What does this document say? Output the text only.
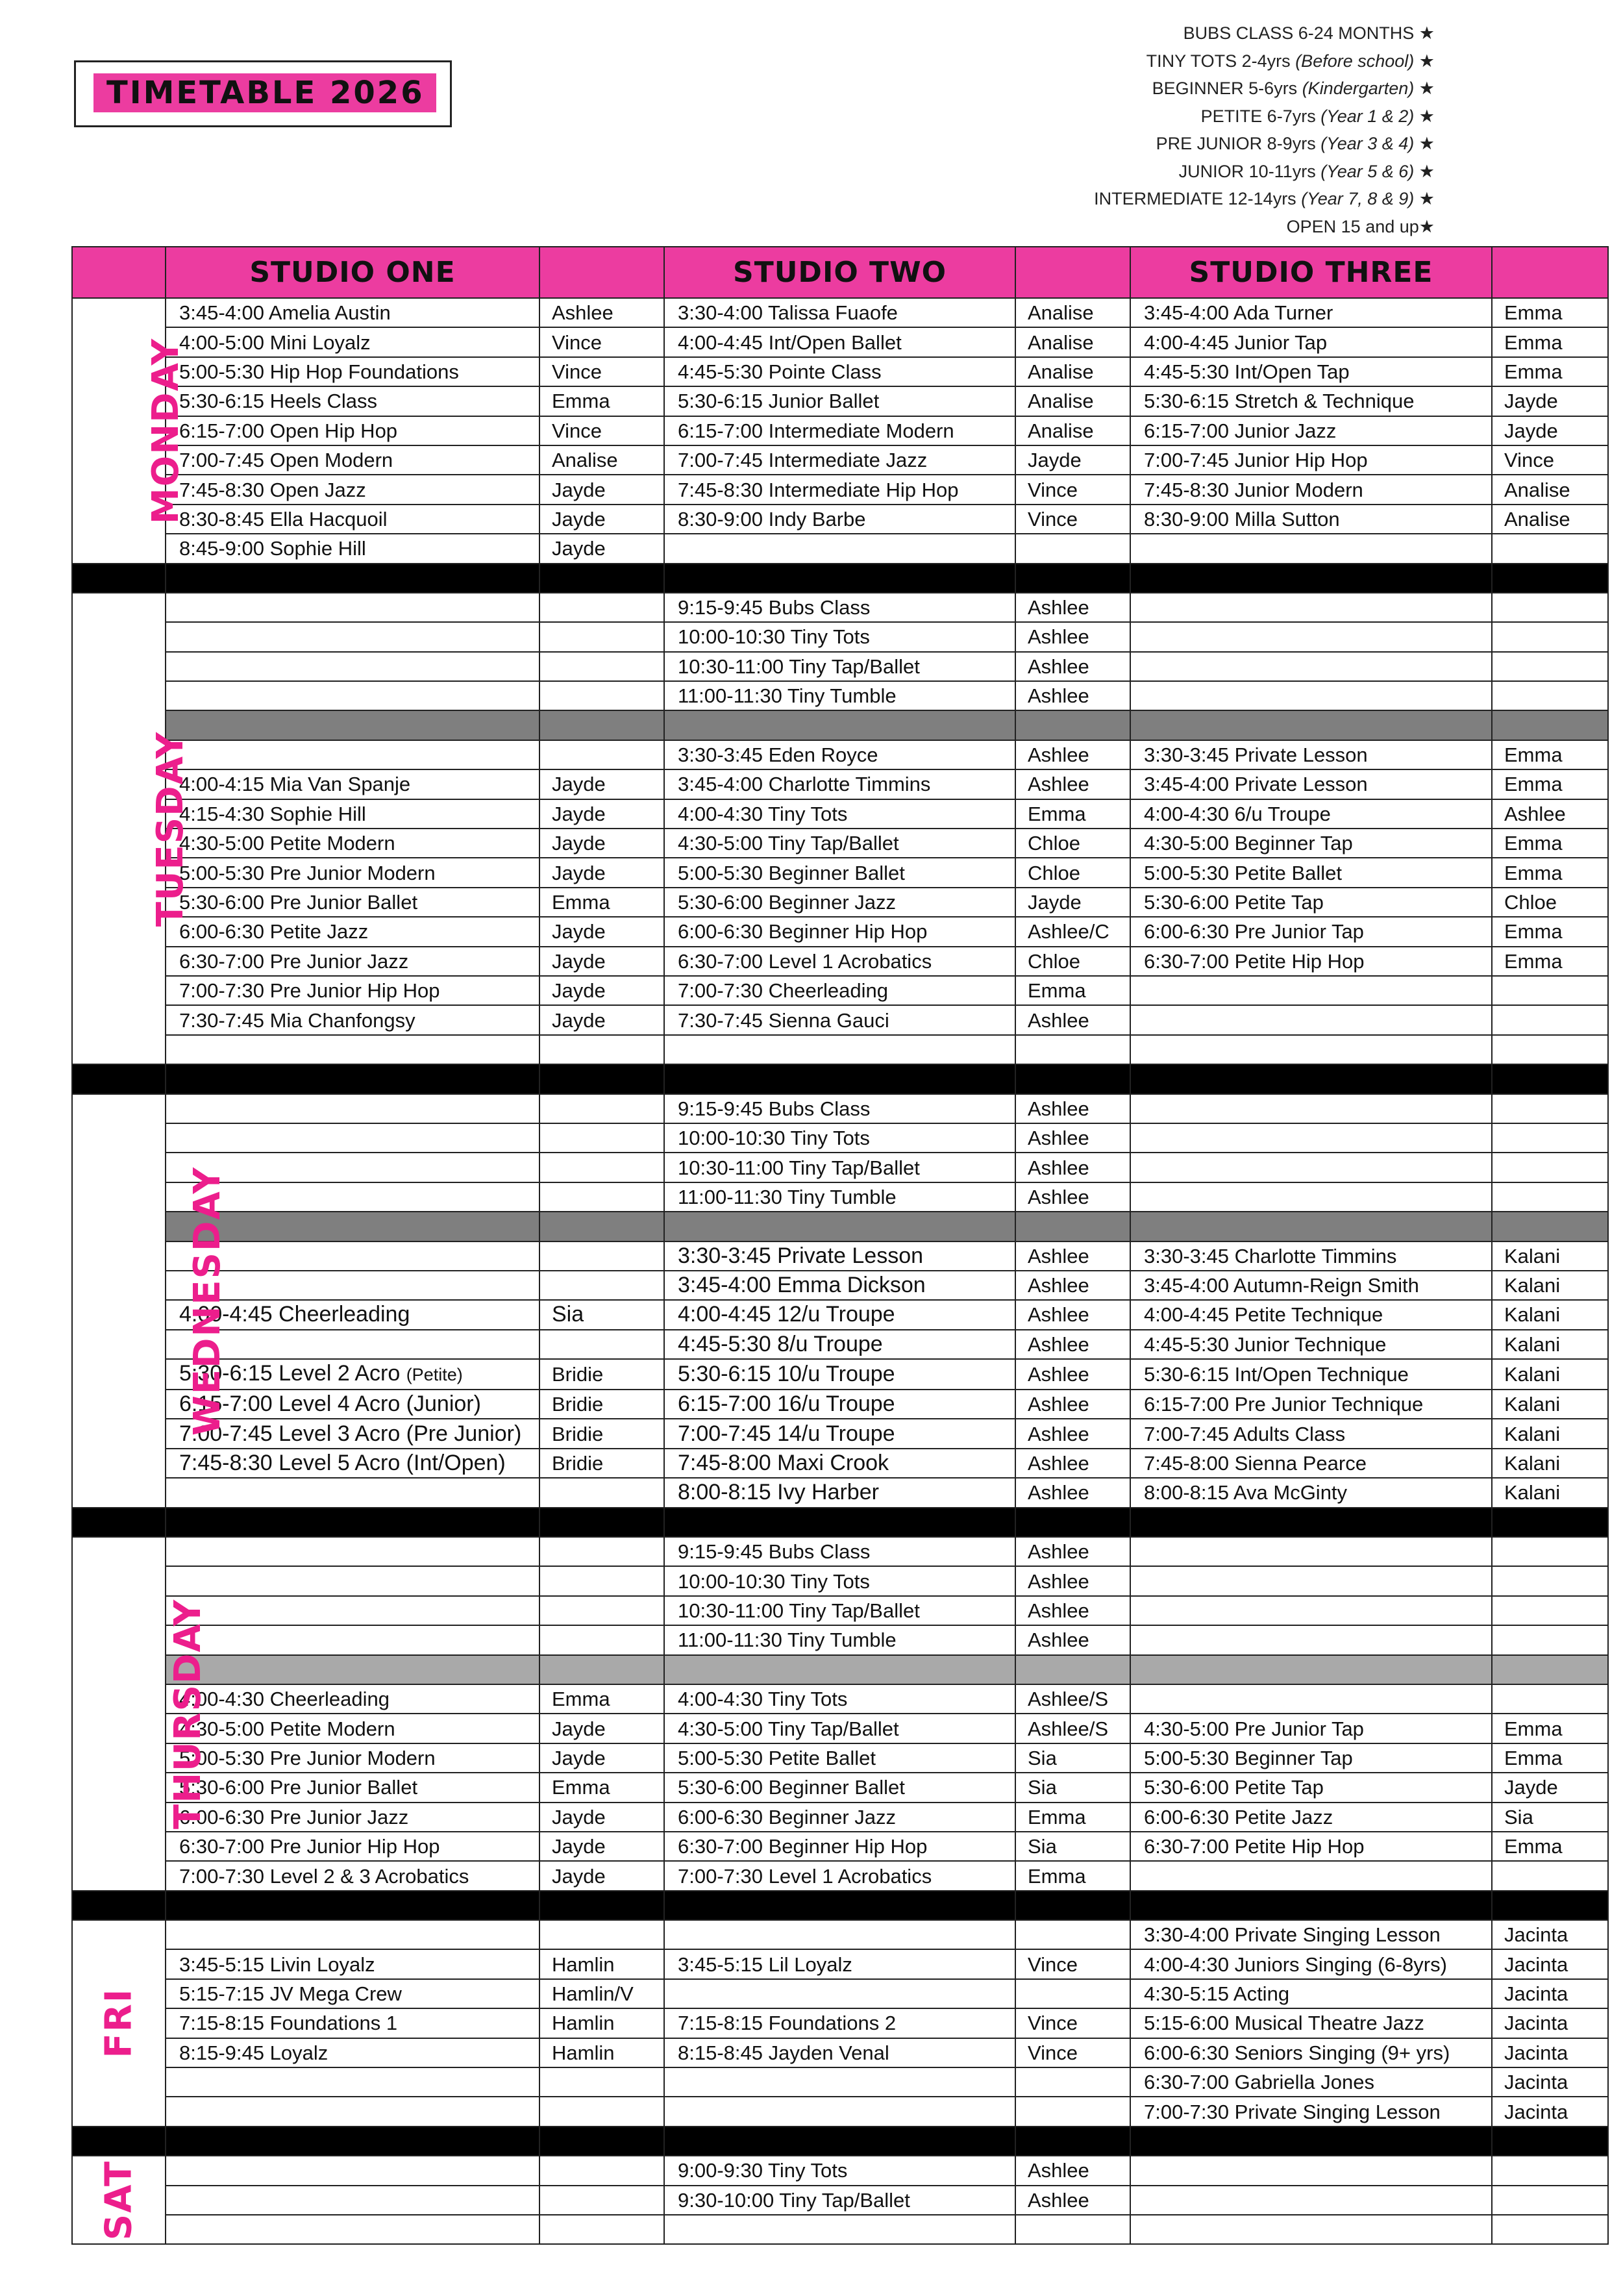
TIMETABLE 2026
BUBS CLASS 6-24 MONTHS ★
TINY TOTS 2-4yrs (Before school) ★
BEGINNER 5-6yrs (Kindergarten) ★
PETITE 6-7yrs (Year 1 & 2) ★
PRE JUNIOR 8-9yrs (Year 3 & 4) ★
JUNIOR 10-11yrs (Year 5 & 6) ★
INTERMEDIATE 12-14yrs (Year 7, 8 & 9) ★
OPEN 15 and up★
	STUDIO ONE		STUDIO TWO		STUDIO THREE	
MONDAY	3:45-4:00 Amelia Austin	Ashlee	3:30-4:00 Talissa Fuaofe	Analise	3:45-4:00 Ada Turner	Emma
	4:00-5:00 Mini Loyalz	Vince	4:00-4:45 Int/Open Ballet	Analise	4:00-4:45 Junior Tap	Emma
	5:00-5:30 Hip Hop Foundations	Vince	4:45-5:30 Pointe Class	Analise	4:45-5:30 Int/Open Tap	Emma
	5:30-6:15 Heels Class	Emma	5:30-6:15 Junior Ballet	Analise	5:30-6:15 Stretch & Technique	Jayde
	6:15-7:00 Open Hip Hop	Vince	6:15-7:00 Intermediate Modern	Analise	6:15-7:00 Junior Jazz	Jayde
	7:00-7:45 Open Modern	Analise	7:00-7:45 Intermediate Jazz	Jayde	7:00-7:45 Junior Hip Hop	Vince
	7:45-8:30 Open Jazz	Jayde	7:45-8:30 Intermediate Hip Hop	Vince	7:45-8:30 Junior Modern	Analise
	8:30-8:45 Ella Hacquoil	Jayde	8:30-9:00 Indy Barbe	Vince	8:30-9:00 Milla Sutton	Analise
	8:45-9:00 Sophie Hill	Jayde				

TUESDAY			9:15-9:45 Bubs Class	Ashlee		
			10:00-10:30 Tiny Tots	Ashlee		
			10:30-11:00 Tiny Tap/Ballet	Ashlee		
			11:00-11:30 Tiny Tumble	Ashlee		

			3:30-3:45 Eden Royce	Ashlee	3:30-3:45 Private Lesson	Emma
	4:00-4:15 Mia Van Spanje	Jayde	3:45-4:00 Charlotte Timmins	Ashlee	3:45-4:00 Private Lesson	Emma
	4:15-4:30 Sophie Hill	Jayde	4:00-4:30 Tiny Tots	Emma	4:00-4:30 6/u Troupe	Ashlee
	4:30-5:00 Petite Modern	Jayde	4:30-5:00 Tiny Tap/Ballet	Chloe	4:30-5:00 Beginner Tap	Emma
	5:00-5:30 Pre Junior Modern	Jayde	5:00-5:30 Beginner Ballet	Chloe	5:00-5:30 Petite Ballet	Emma
	5:30-6:00 Pre Junior Ballet	Emma	5:30-6:00 Beginner Jazz	Jayde	5:30-6:00 Petite Tap	Chloe
	6:00-6:30 Petite Jazz	Jayde	6:00-6:30 Beginner Hip Hop	Ashlee/C	6:00-6:30 Pre Junior Tap	Emma
	6:30-7:00 Pre Junior Jazz	Jayde	6:30-7:00 Level 1 Acrobatics	Chloe	6:30-7:00 Petite Hip Hop	Emma
	7:00-7:30 Pre Junior Hip Hop	Jayde	7:00-7:30 Cheerleading	Emma		
	7:30-7:45 Mia Chanfongsy	Jayde	7:30-7:45 Sienna Gauci	Ashlee		

WEDNESDAY			9:15-9:45 Bubs Class	Ashlee		
			10:00-10:30 Tiny Tots	Ashlee		
			10:30-11:00 Tiny Tap/Ballet	Ashlee		
			11:00-11:30 Tiny Tumble	Ashlee		

			3:30-3:45 Private Lesson	Ashlee	3:30-3:45 Charlotte Timmins	Kalani
			3:45-4:00 Emma Dickson	Ashlee	3:45-4:00 Autumn-Reign Smith	Kalani
	4:00-4:45 Cheerleading	Sia	4:00-4:45 12/u Troupe	Ashlee	4:00-4:45 Petite Technique	Kalani
			4:45-5:30 8/u Troupe	Ashlee	4:45-5:30 Junior Technique	Kalani
	5:30-6:15 Level 2 Acro (Petite)	Bridie	5:30-6:15 10/u Troupe	Ashlee	5:30-6:15 Int/Open Technique	Kalani
	6:15-7:00 Level 4 Acro (Junior)	Bridie	6:15-7:00 16/u Troupe	Ashlee	6:15-7:00 Pre Junior Technique	Kalani
	7:00-7:45 Level 3 Acro (Pre Junior)	Bridie	7:00-7:45 14/u Troupe	Ashlee	7:00-7:45 Adults Class	Kalani
	7:45-8:30 Level 5 Acro (Int/Open)	Bridie	7:45-8:00 Maxi Crook	Ashlee	7:45-8:00 Sienna Pearce	Kalani
			8:00-8:15 Ivy Harber	Ashlee	8:00-8:15 Ava McGinty	Kalani

THURSDAY			9:15-9:45 Bubs Class	Ashlee		
			10:00-10:30 Tiny Tots	Ashlee		
			10:30-11:00 Tiny Tap/Ballet	Ashlee		
			11:00-11:30 Tiny Tumble	Ashlee		

	4:00-4:30 Cheerleading	Emma	4:00-4:30 Tiny Tots	Ashlee/S		
	4:30-5:00 Petite Modern	Jayde	4:30-5:00 Tiny Tap/Ballet	Ashlee/S	4:30-5:00 Pre Junior Tap	Emma
	5:00-5:30 Pre Junior Modern	Jayde	5:00-5:30 Petite Ballet	Sia	5:00-5:30 Beginner Tap	Emma
	5:30-6:00 Pre Junior Ballet	Emma	5:30-6:00 Beginner Ballet	Sia	5:30-6:00 Petite Tap	Jayde
	6:00-6:30 Pre Junior Jazz	Jayde	6:00-6:30 Beginner Jazz	Emma	6:00-6:30 Petite Jazz	Sia
	6:30-7:00 Pre Junior Hip Hop	Jayde	6:30-7:00 Beginner Hip Hop	Sia	6:30-7:00 Petite Hip Hop	Emma
	7:00-7:30 Level 2 & 3 Acrobatics	Jayde	7:00-7:30 Level 1 Acrobatics	Emma		

FRI					3:30-4:00 Private Singing Lesson	Jacinta
	3:45-5:15 Livin Loyalz	Hamlin	3:45-5:15 Lil Loyalz	Vince	4:00-4:30 Juniors Singing (6-8yrs)	Jacinta
	5:15-7:15 JV Mega Crew	Hamlin/V			4:30-5:15 Acting	Jacinta
	7:15-8:15 Foundations 1	Hamlin	7:15-8:15 Foundations 2	Vince	5:15-6:00 Musical Theatre Jazz	Jacinta
	8:15-9:45 Loyalz	Hamlin	8:15-8:45 Jayden Venal	Vince	6:00-6:30 Seniors Singing (9+ yrs)	Jacinta
					6:30-7:00 Gabriella Jones	Jacinta
					7:00-7:30 Private Singing Lesson	Jacinta

SAT			9:00-9:30 Tiny Tots	Ashlee		
			9:30-10:00 Tiny Tap/Ballet	Ashlee		
